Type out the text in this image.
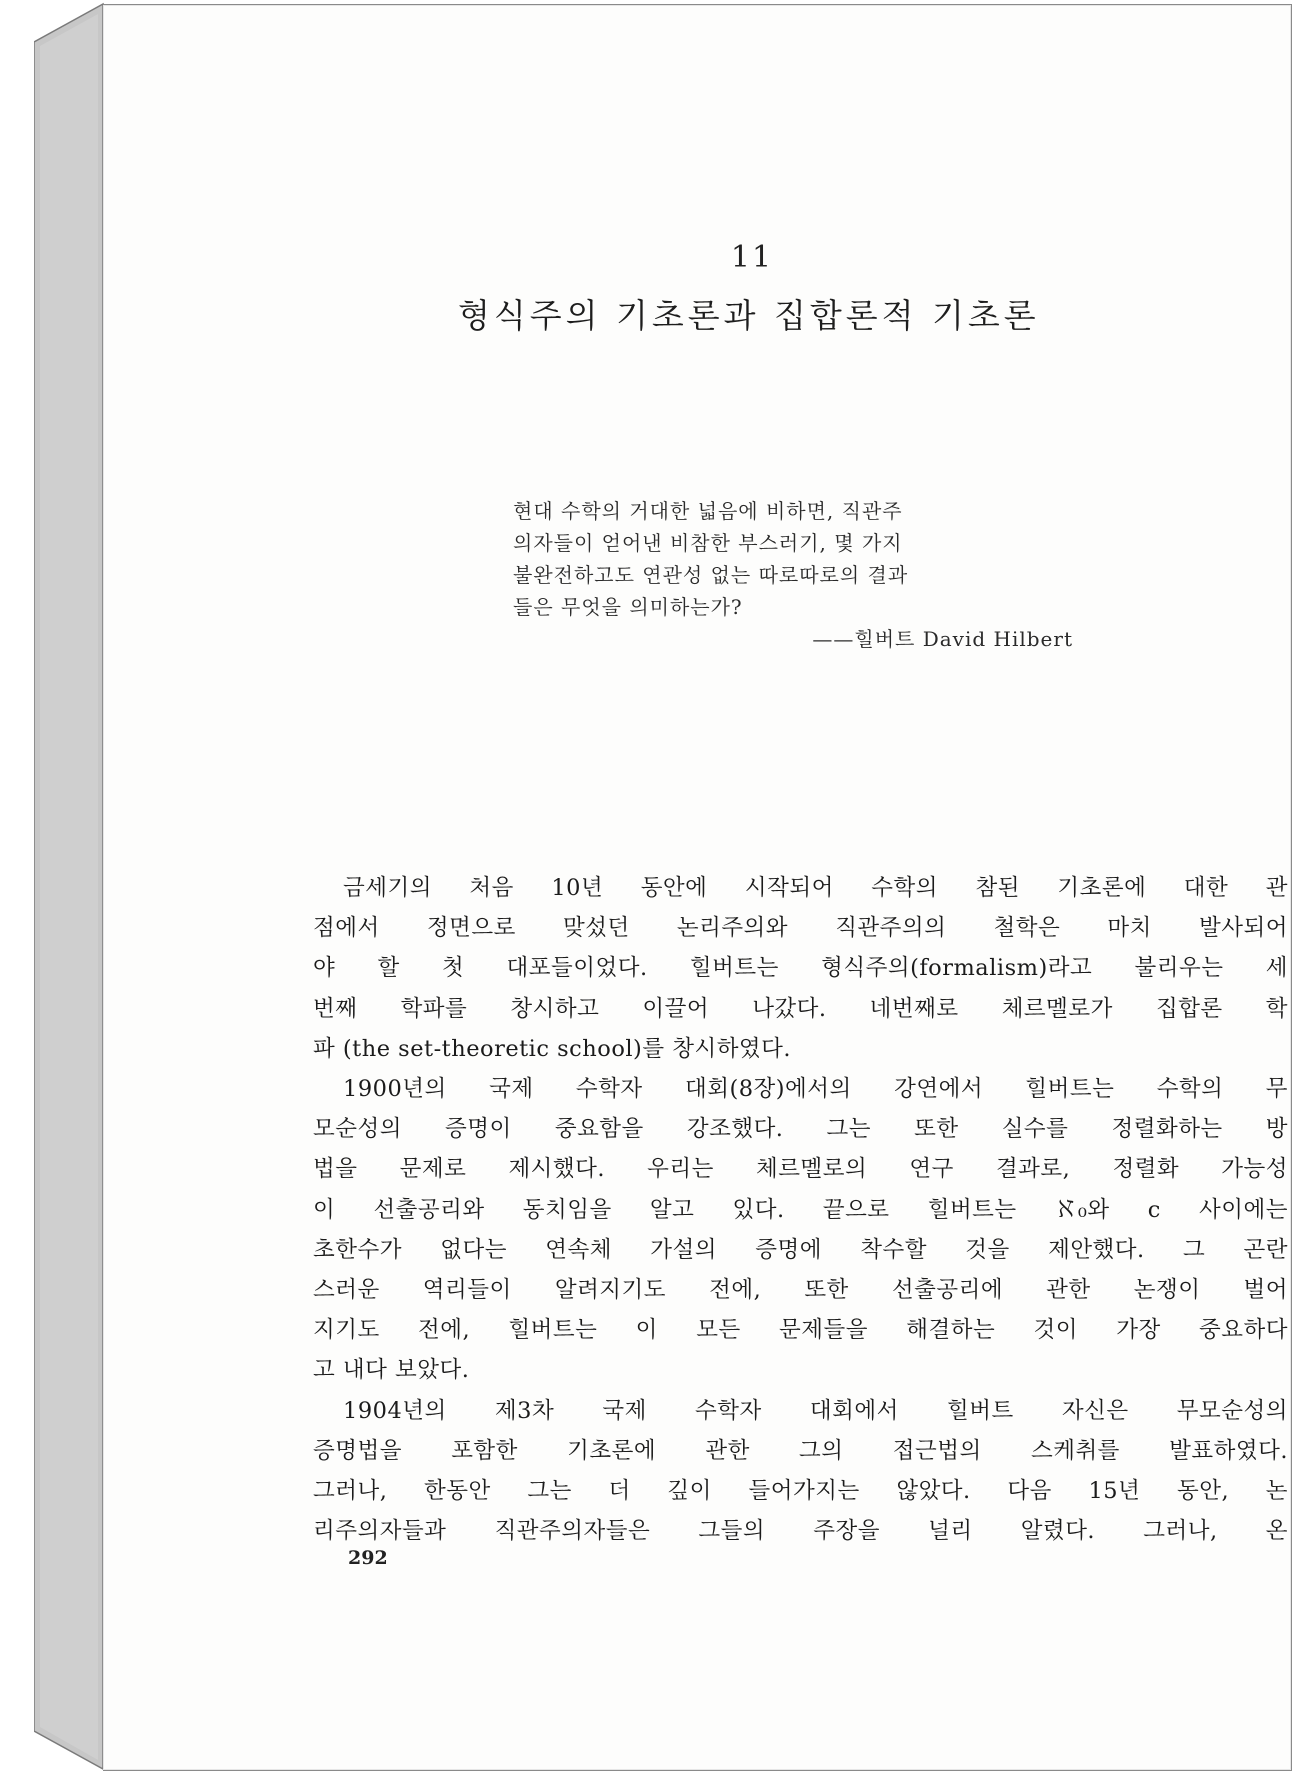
11
형식주의 기초론과 집합론적 기초론

현대 수학의 거대한 넓음에 비하면, 직관주

의자들이 얻어낸 비참한 부스러기, 몇 가지

불완전하고도 연관성 없는 따로따로의 결과

들은 무엇을 의미하는가?

——힐버트 David Hilbert

금세기의 처음 10년 동안에 시작되어 수학의 참된 기초론에 대한 관
점에서 정면으로 맞섰던 논리주의와 직관주의의 철학은 마치 발사되어
야 할 첫 대포들이었다. 힐버트는 형식주의(formalism)라고 불리우는 세
번째 학파를 창시하고 이끌어 나갔다. 네번째로 체르멜로가 집합론 학
파 (the set-theoretic school)를 창시하였다.
1900년의 국제 수학자 대회(8장)에서의 강연에서 힐버트는 수학의 무
모순성의 증명이 중요함을 강조했다. 그는 또한 실수를 정렬화하는 방
법을 문제로 제시했다. 우리는 체르멜로의 연구 결과로, 정렬화 가능성
이 선출공리와 동치임을 알고 있다. 끝으로 힐버트는 ℵ₀와 c 사이에는
초한수가 없다는 연속체 가설의 증명에 착수할 것을 제안했다. 그 곤란
스러운 역리들이 알려지기도 전에, 또한 선출공리에 관한 논쟁이 벌어
지기도 전에, 힐버트는 이 모든 문제들을 해결하는 것이 가장 중요하다
고 내다 보았다.
1904년의 제3차 국제 수학자 대회에서 힐버트 자신은 무모순성의
증명법을 포함한 기초론에 관한 그의 접근법의 스케취를 발표하였다.
그러나, 한동안 그는 더 깊이 들어가지는 않았다. 다음 15년 동안, 논
리주의자들과 직관주의자들은 그들의 주장을 널리 알렸다. 그러나, 온
292
